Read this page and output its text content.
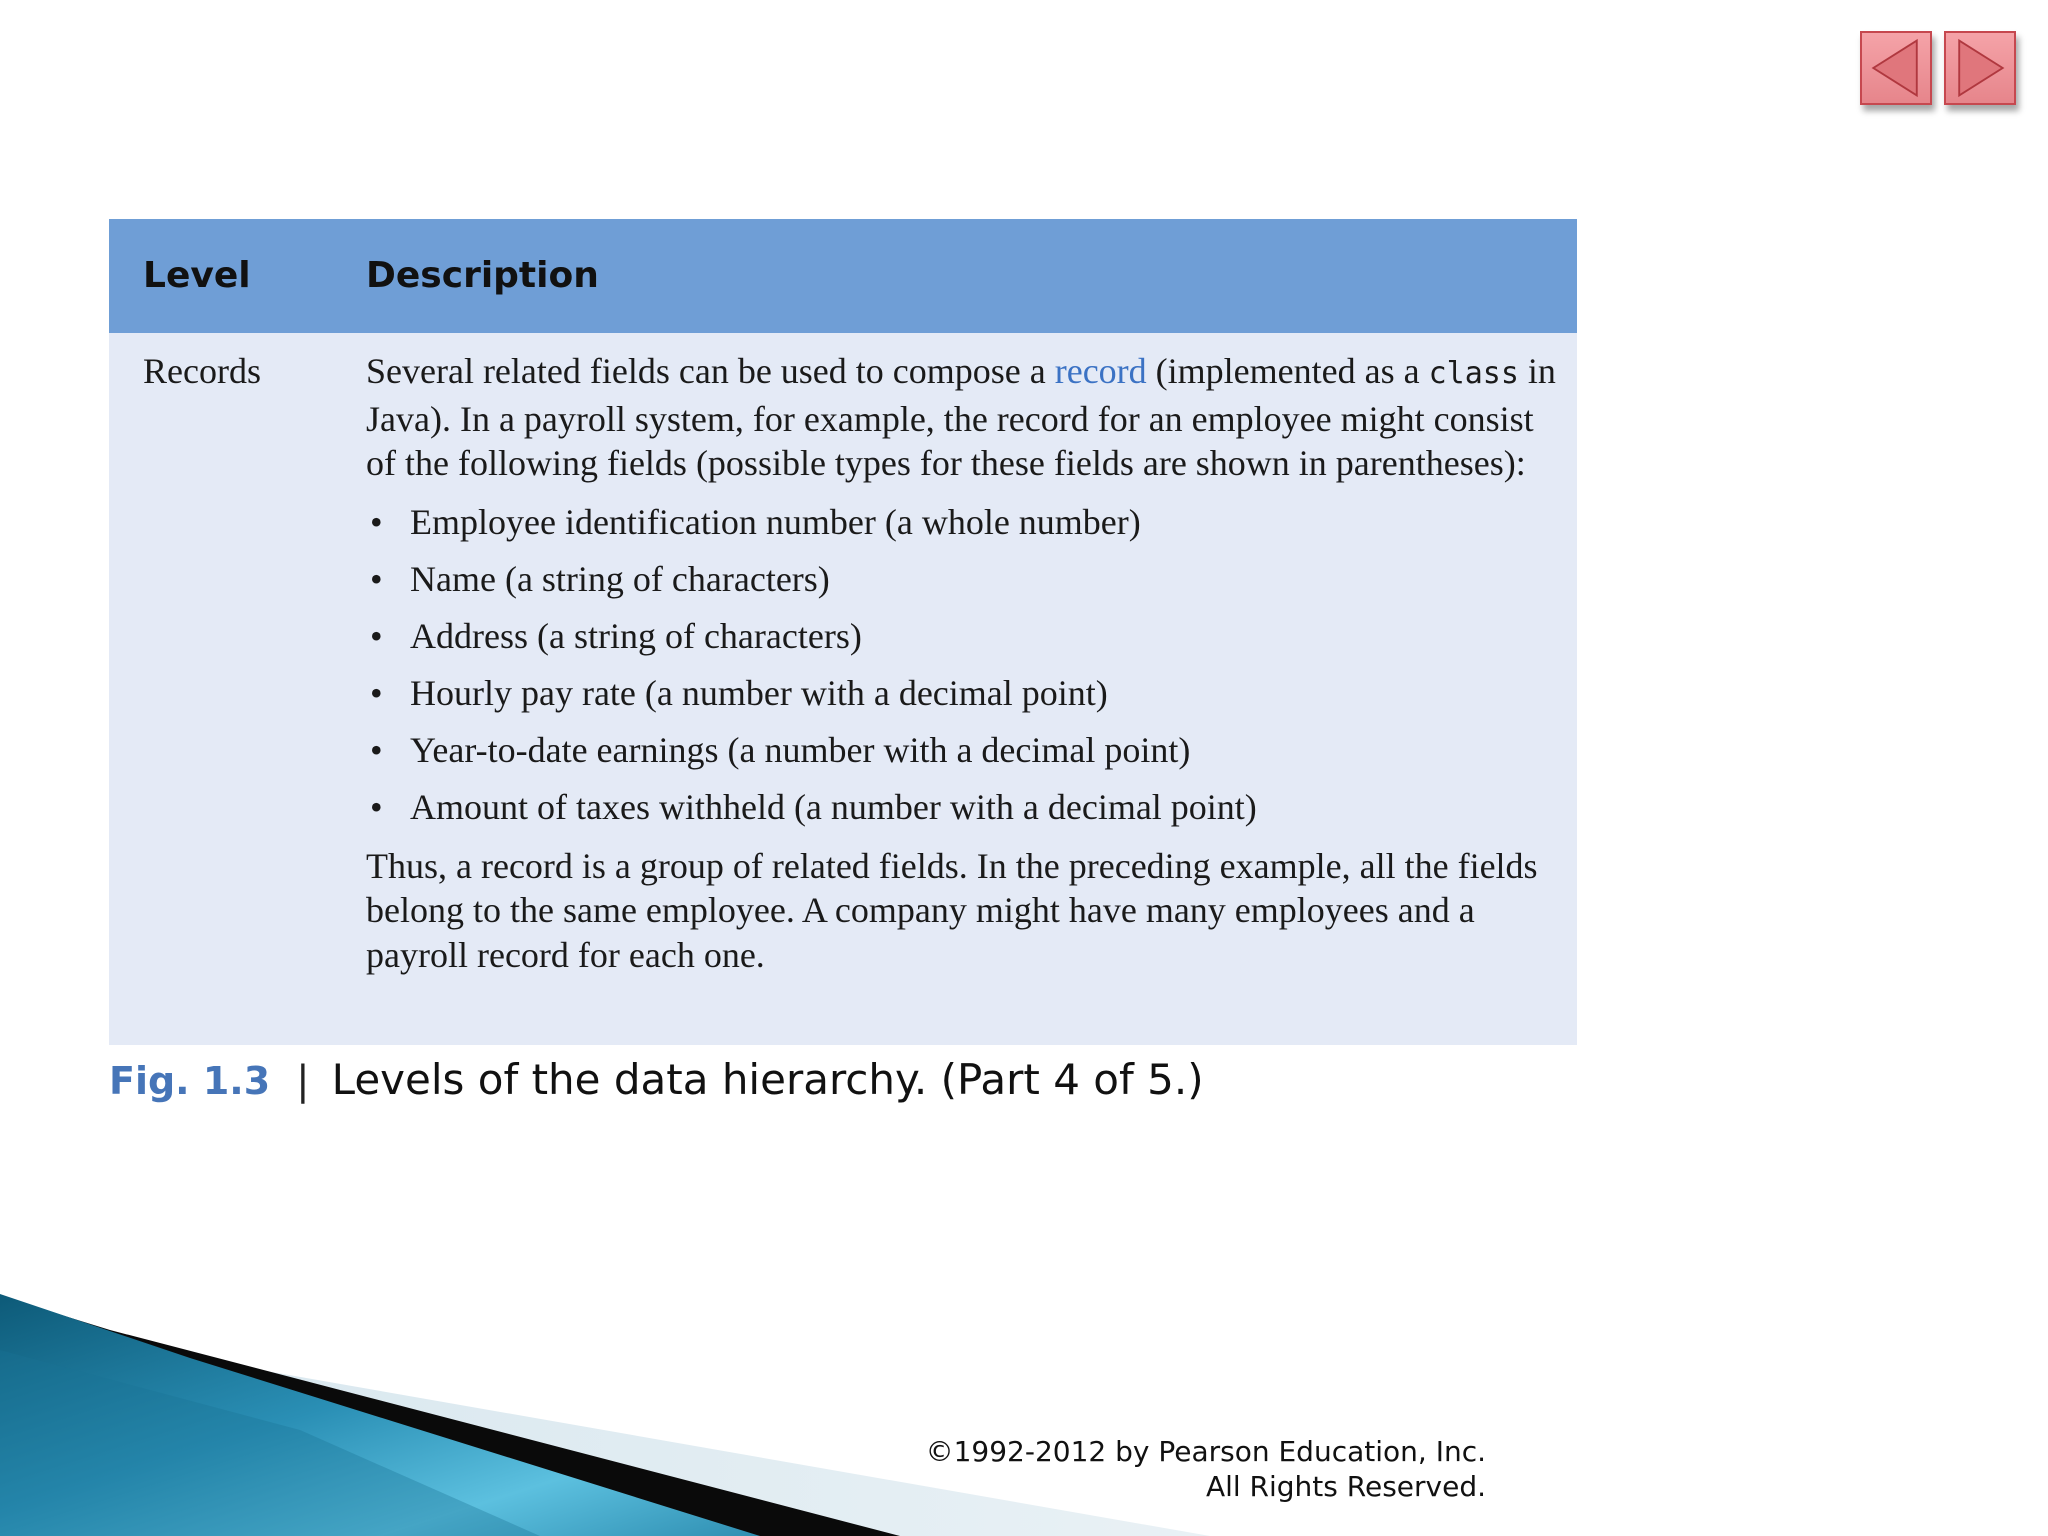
Level	Description
Records	Several related fields can be used to compose a record (implemented as a class in Java). In a payroll system, for example, the record for an employee might consist of the following fields (possible types for these fields are shown in parentheses):

• Employee identification number (a whole number)
• Name (a string of characters)
• Address (a string of characters)
• Hourly pay rate (a number with a decimal point)
• Year-to-date earnings (a number with a decimal point)
• Amount of taxes withheld (a number with a decimal point)

Thus, a record is a group of related fields. In the preceding example, all the fields belong to the same employee. A company might have many employees and a payroll record for each one.

Fig. 1.3 | Levels of the data hierarchy. (Part 4 of 5.)
©1992-2012 by Pearson Education, Inc.
All Rights Reserved.
